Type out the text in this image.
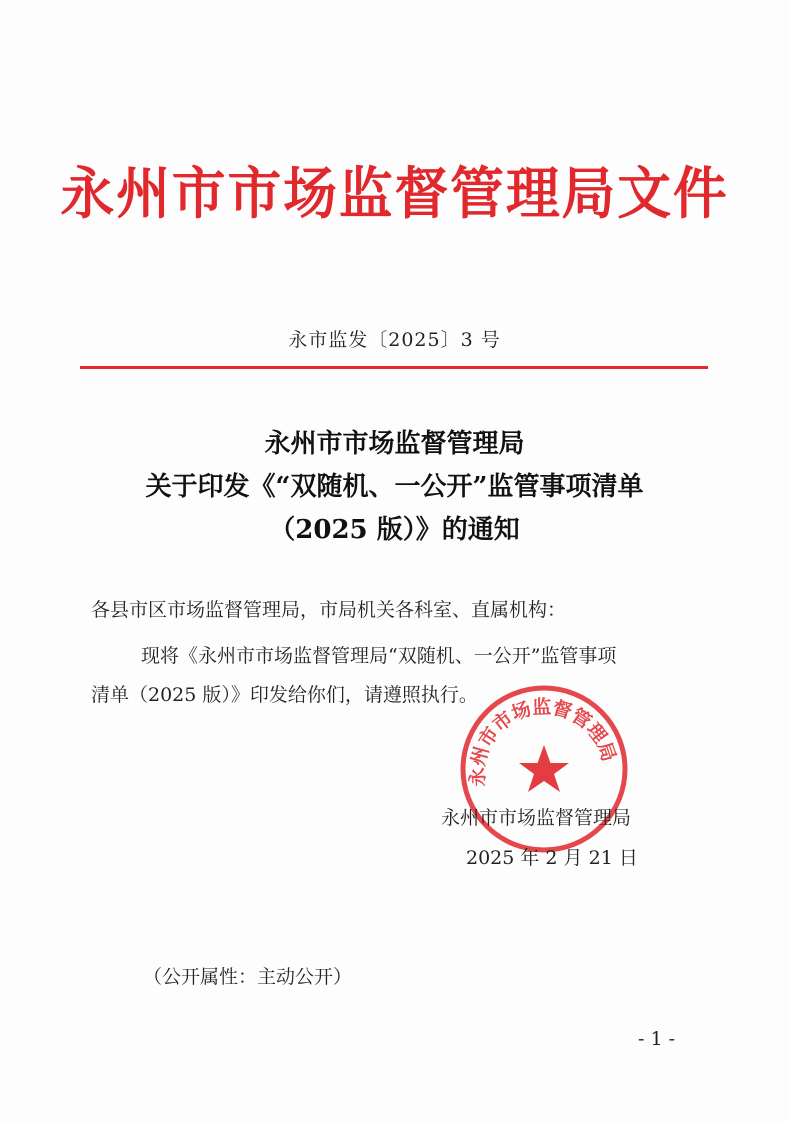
永州市市场监督管理局文件
永市监发〔2025〕3 号
永州市市场监督管理局
关于印发《“双随机、一公开”监管事项清单
（2025 版）》的通知
各县市区市场监督管理局，市局机关各科室、直属机构：
现将《永州市市场监督管理局“双随机、一公开”监管事项
清单（2025 版）》印发给你们，请遵照执行。
永州市市场监督管理局
永州市市场监督管理局
2025 年 2 月 21 日
（公开属性：主动公开）
- 1 -
